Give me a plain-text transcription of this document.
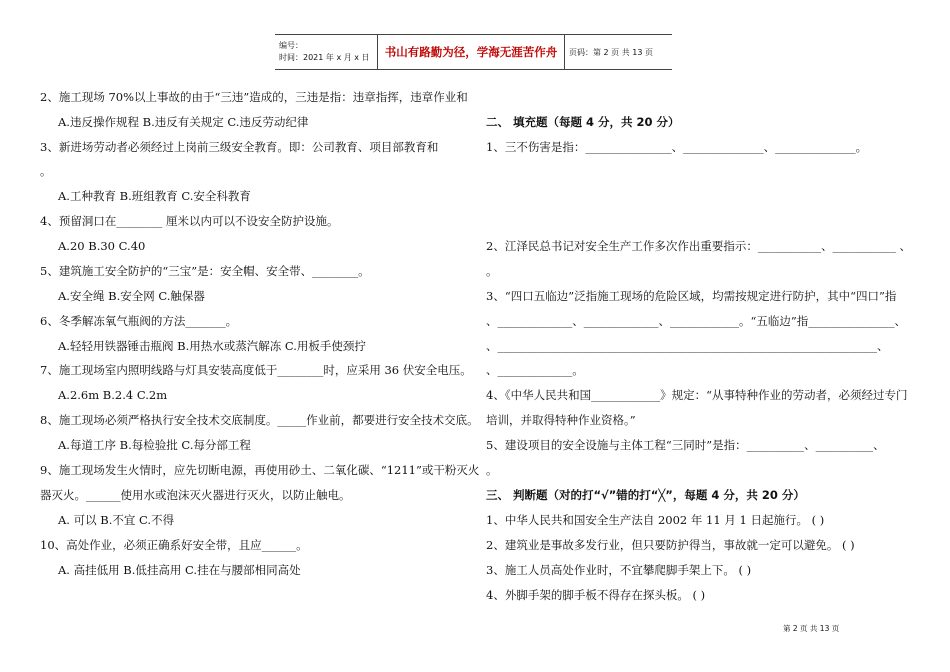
编号：
时间：2021 年 x 月 x 日	书山有路勤为径，学海无涯苦作舟	页码：第 2 页 共 13 页
2、施工现场 70%以上事故的由于“三违”造成的，三违是指：违章指挥，违章作业和
A.违反操作规程 B.违反有关规定 C.违反劳动纪律
3、新进场劳动者必须经过上岗前三级安全教育。即：公司教育、项目部教育和
。
A.工种教育 B.班组教育 C.安全科教育
4、预留洞口在________ 厘米以内可以不设安全防护设施。
A.20 B.30 C.40
5、建筑施工安全防护的“三宝”是：安全帽、安全带、________。
A.安全绳 B.安全网 C.触保器
6、冬季解冻氧气瓶阀的方法_______。
A.轻轻用铁器锤击瓶阀 B.用热水或蒸汽解冻 C.用板手使颈拧
7、施工现场室内照明线路与灯具安装高度低于________时，应采用 36 伏安全电压。
A.2.6m B.2.4 C.2m
8、施工现场必须严格执行安全技术交底制度。_____作业前，都要进行安全技术交底。
A.每道工序 B.每检验批 C.每分部工程
9、施工现场发生火情时，应先切断电源，再使用砂土、二氧化碳、“1211”或干粉灭火
器灭火。______使用水或泡沫灭火器进行灭火，以防止触电。
A. 可以 B.不宜 C.不得
10、高处作业，必须正确系好安全带，且应______。
A. 高挂低用 B.低挂高用 C.挂在与腰部相同高处
二、 填充题（每题 4 分，共 20 分）
1、三不伤害是指：_______________、______________、______________。
2、江泽民总书记对安全生产工作多次作出重要指示：___________、___________ 、
。
3、“四口五临边”泛指施工现场的危险区域，均需按规定进行防护，其中“四口”指
、_____________、_____________、____________。“五临边”指_______________、
、__________________________________________________________________、
、_____________。
4、《中华人民共和国____________》规定：“从事特种作业的劳动者，必须经过专门
培训，并取得特种作业资格。”
5、建设项目的安全设施与主体工程“三同时”是指：__________、__________、
。
三、 判断题（对的打“√”错的打“╳”，每题 4 分，共 20 分）
1、中华人民共和国安全生产法自 2002 年 11 月 1 日起施行。 ( )
2、建筑业是事故多发行业，但只要防护得当，事故就一定可以避免。 ( )
3、施工人员高处作业时，不宜攀爬脚手架上下。 ( )
4、外脚手架的脚手板不得存在探头板。 ( )
第 2 页 共 13 页
